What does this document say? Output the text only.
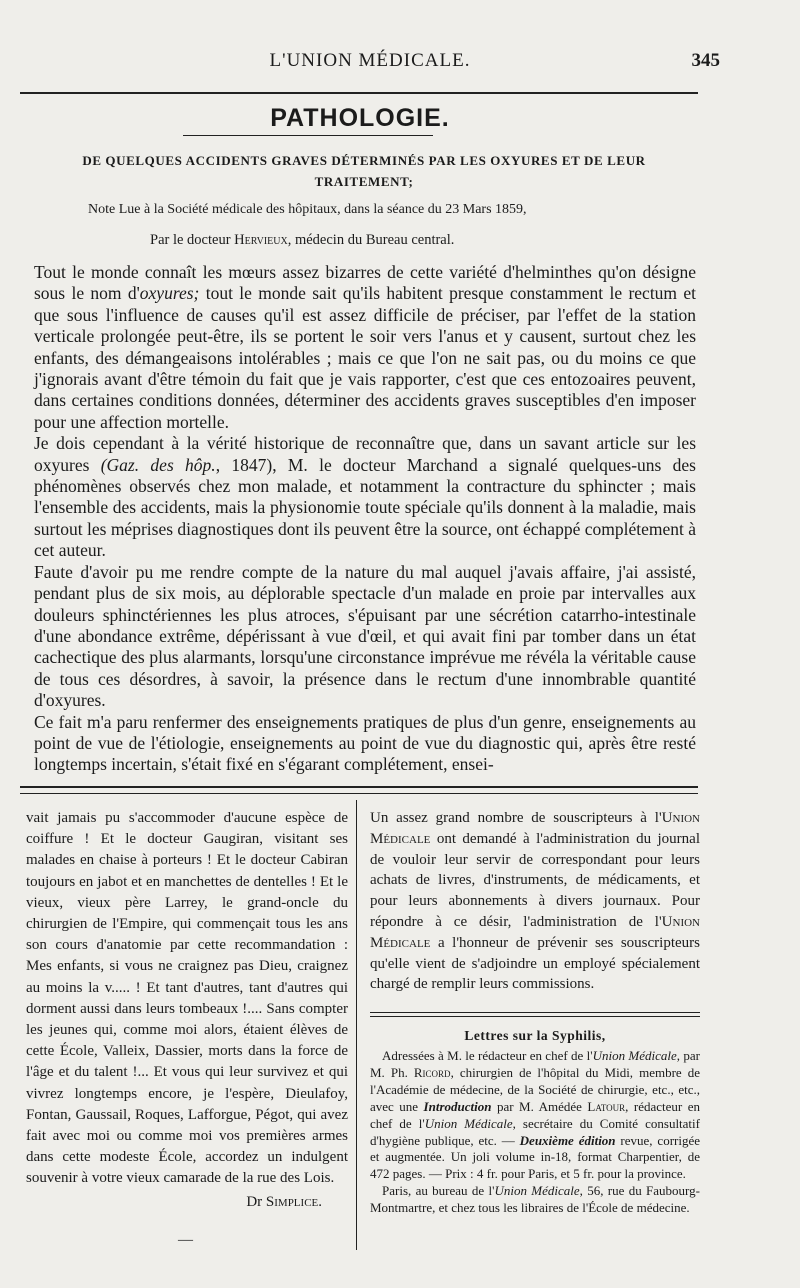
L'UNION MÉDICALE.	345
PATHOLOGIE.
DE QUELQUES ACCIDENTS GRAVES DÉTERMINÉS PAR LES OXYURES ET DE LEUR
TRAITEMENT;
Note Lue à la Société médicale des hôpitaux, dans la séance du 23 Mars 1859,
Par le docteur Hervieux, médecin du Bureau central.

Tout le monde connaît les mœurs assez bizarres de cette variété d'helminthes qu'on désigne sous le nom d'oxyures; tout le monde sait qu'ils habitent presque constamment le rectum et que sous l'influence de causes qu'il est assez difficile de préciser, par l'effet de la station verticale prolongée peut-être, ils se portent le soir vers l'anus et y causent, surtout chez les enfants, des démangeaisons intolérables ; mais ce que l'on ne sait pas, ou du moins ce que j'ignorais avant d'être témoin du fait que je vais rapporter, c'est que ces entozoaires peuvent, dans certaines conditions données, déterminer des accidents graves susceptibles d'en imposer pour une affection mortelle.

Je dois cependant à la vérité historique de reconnaître que, dans un savant article sur les oxyures (Gaz. des hôp., 1847), M. le docteur Marchand a signalé quelques-uns des phénomènes observés chez mon malade, et notamment la contracture du sphincter ; mais l'ensemble des accidents, mais la physionomie toute spéciale qu'ils donnent à la maladie, mais surtout les méprises diagnostiques dont ils peuvent être la source, ont échappé complétement à cet auteur.

Faute d'avoir pu me rendre compte de la nature du mal auquel j'avais affaire, j'ai assisté, pendant plus de six mois, au déplorable spectacle d'un malade en proie par intervalles aux douleurs sphinctériennes les plus atroces, s'épuisant par une sécrétion catarrho-intestinale d'une abondance extrême, dépérissant à vue d'œil, et qui avait fini par tomber dans un état cachectique des plus alarmants, lorsqu'une circonstance imprévue me révéla la véritable cause de tous ces désordres, à savoir, la présence dans le rectum d'une innombrable quantité d'oxyures.

Ce fait m'a paru renfermer des enseignements pratiques de plus d'un genre, enseignements au point de vue de l'étiologie, enseignements au point de vue du diagnostic qui, après être resté longtemps incertain, s'était fixé en s'égarant complétement, ensei-

vait jamais pu s'accommoder d'aucune espèce de coiffure ! Et le docteur Gaugiran, visitant ses malades en chaise à porteurs ! Et le docteur Cabiran toujours en jabot et en manchettes de dentelles ! Et le vieux, vieux père Larrey, le grand-oncle du chirurgien de l'Empire, qui commençait tous les ans son cours d'anatomie par cette recommandation : Mes enfants, si vous ne craignez pas Dieu, craignez au moins la v..... ! Et tant d'autres, tant d'autres qui dorment aussi dans leurs tombeaux !.... Sans compter les jeunes qui, comme moi alors, étaient élèves de cette École, Valleix, Dassier, morts dans la force de l'âge et du talent !... Et vous qui leur survivez et qui vivrez longtemps encore, je l'espère, Dieulafoy, Fontan, Gaussail, Roques, Lafforgue, Pégot, qui avez fait avec moi ou comme moi vos premières armes dans cette modeste École, accordez un indulgent souvenir à votre vieux camarade de la rue des Lois.

Dr Simplice.
—

Un assez grand nombre de souscripteurs à l'Union Médicale ont demandé à l'administration du journal de vouloir leur servir de correspondant pour leurs achats de livres, d'instruments, de médicaments, et pour leurs abonnements à divers journaux. Pour répondre à ce désir, l'administration de l'Union Médicale a l'honneur de prévenir ses souscripteurs qu'elle vient de s'adjoindre un employé spécialement chargé de remplir leurs commissions.

Lettres sur la Syphilis,

Adressées à M. le rédacteur en chef de l'Union Médicale, par M. Ph. Ricord, chirurgien de l'hôpital du Midi, membre de l'Académie de médecine, de la Société de chirurgie, etc., etc., avec une Introduction par M. Amédée Latour, rédacteur en chef de l'Union Médicale, secrétaire du Comité consultatif d'hygiène publique, etc. — Deuxième édition revue, corrigée et augmentée. Un joli volume in-18, format Charpentier, de 472 pages. — Prix : 4 fr. pour Paris, et 5 fr. pour la province.

Paris, au bureau de l'Union Médicale, 56, rue du Faubourg-Montmartre, et chez tous les libraires de l'École de médecine.
